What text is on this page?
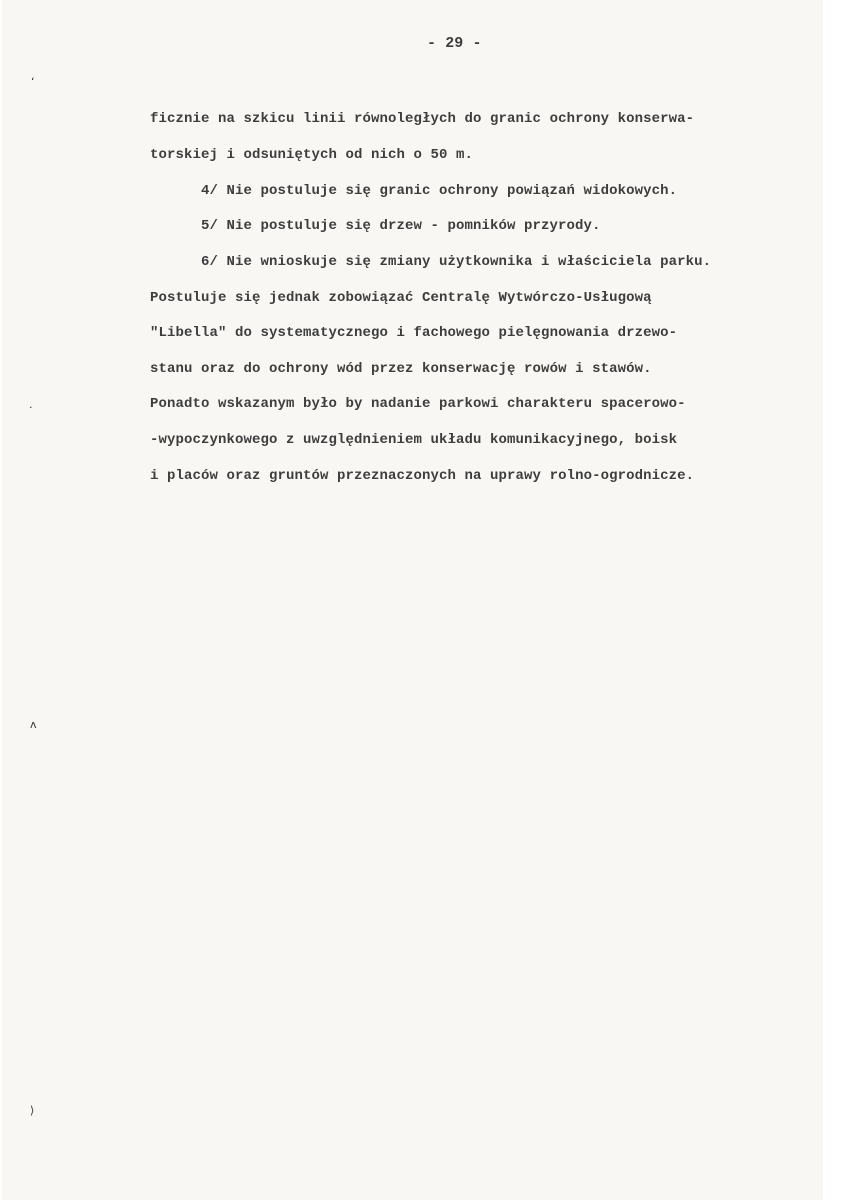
- 29 -
ficznie na szkicu linii równoległych do granic ochrony konserwa-
torskiej i odsuniętych od nich o 50 m.
4/ Nie postuluje się granic ochrony powiązań widokowych.
5/ Nie postuluje się drzew - pomników przyrody.
6/ Nie wnioskuje się zmiany użytkownika i właściciela parku.
Postuluje się jednak zobowiązać Centralę Wytwórczo-Usługową
"Libella" do systematycznego i fachowego pielęgnowania drzewo-
stanu oraz do ochrony wód przez konserwację rowów i stawów.
Ponadto wskazanym było by nadanie parkowi charakteru spacerowo-
-wypoczynkowego z uwzględnieniem układu komunikacyjnego, boisk
i placów oraz gruntów przeznaczonych na uprawy rolno-ogrodnicze.
ʻ
·
ʌ
⟩
